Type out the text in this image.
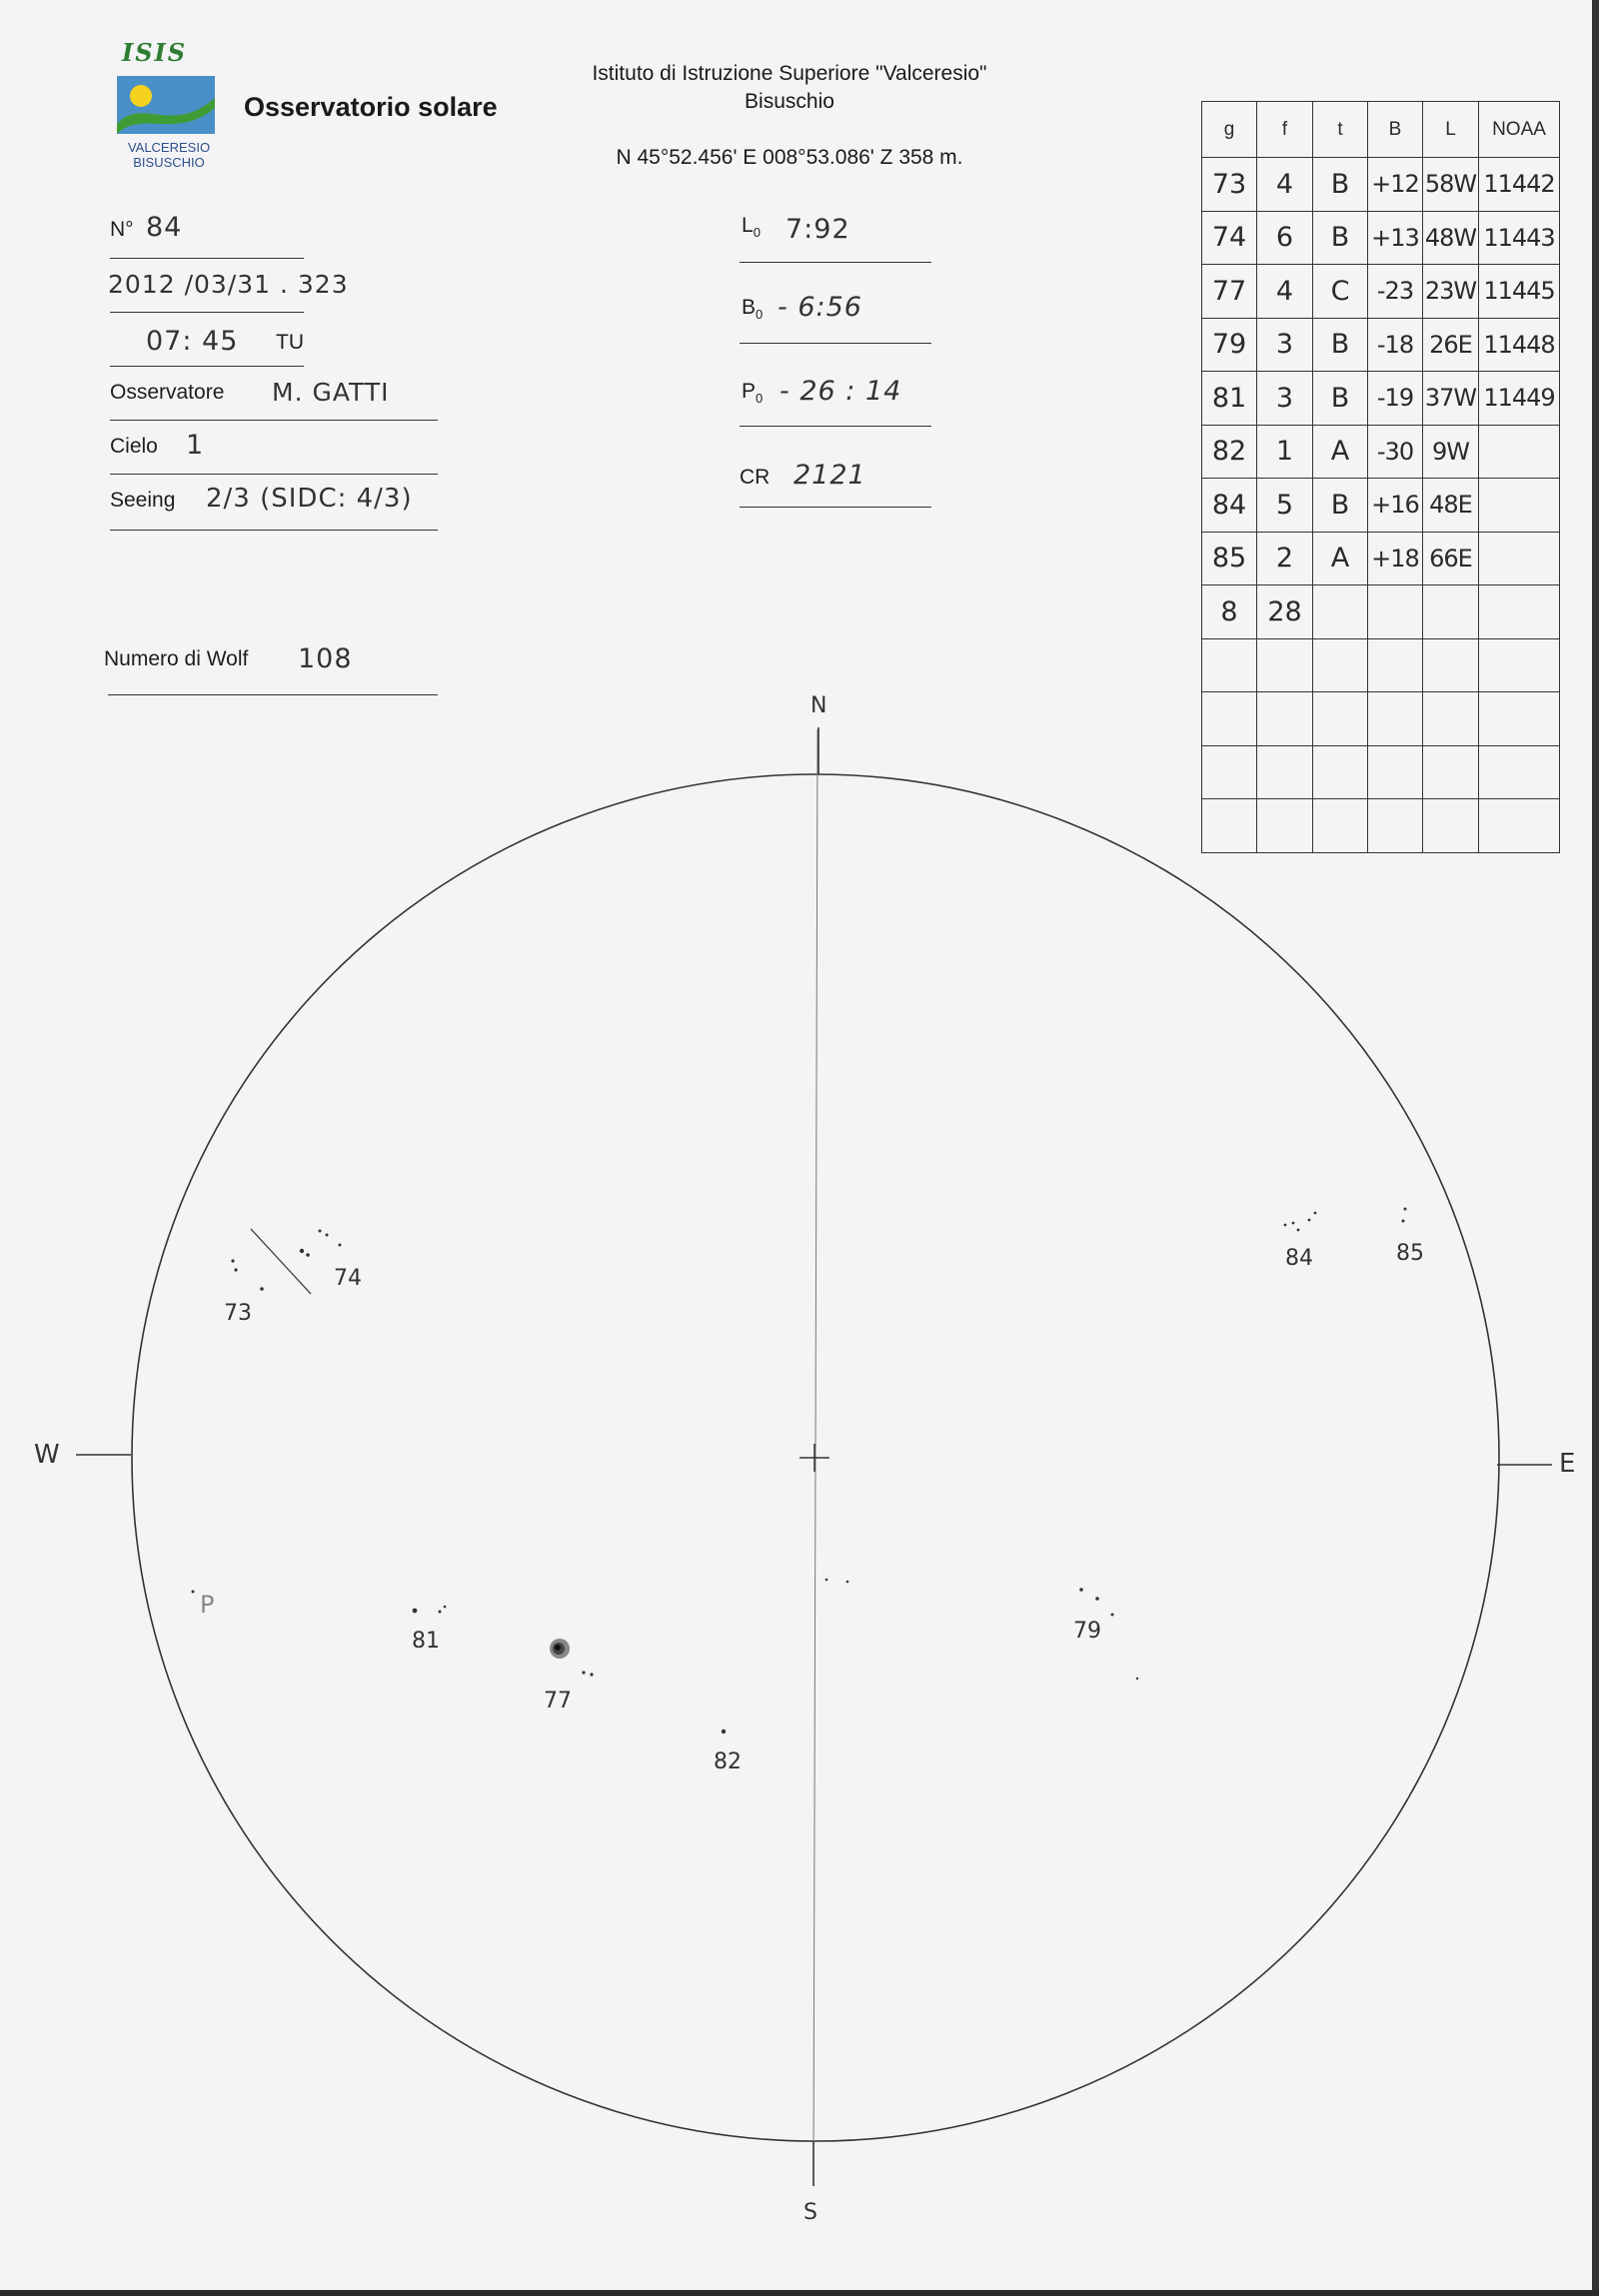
ISIS
VALCERESIO
BISUSCHIO
Osservatorio solare
Istituto di Istruzione Superiore "Valceresio"
Bisuschio
N 45°52.456' E 008°53.086' Z 358 m.
N° 84
2012 /03/31 . 323
07: 45 TU
Osservatore M. GATTI
Cielo 1
Seeing 2/3 (SIDC: 4/3)
Numero di Wolf 108
$L_0$ 7:92
$B_0$ - 6:56
$P_0 - 26$ : 14
CR 2121
g	f	t	B	L	NOAA
73	4	B	+12	58W	11442
74	6	B	+13	48W	11443
77	4	C	-23	23W	11445
79	3	B	-18	26E	11448
81	3	B	-19	37W	11449
82	1	A	-30	9W	
84	5	B	+16	48E	
85	2	A	+18	66E	
8	28				

N
S
W	E
P
73
74
77
79
81
82
84	85
